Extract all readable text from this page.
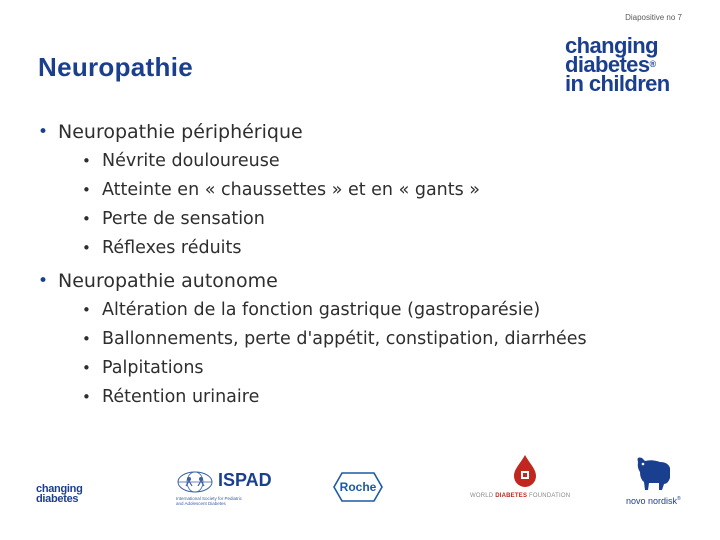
Diapositive no 7
Neuropathie
changing
diabetes®
in children
• Neuropathie périphérique
• Névrite douloureuse
• Atteinte en « chaussettes » et en « gants »
• Perte de sensation
• Réflexes réduits
• Neuropathie autonome
• Altération de la fonction gastrique (gastroparésie)
• Ballonnements, perte d'appétit, constipation, diarrhées
• Palpitations
• Rétention urinaire
changing
diabetes
ISPAD
International Society for Pediatric
and Adolescent Diabetes
Roche
WORLD DIABETES FOUNDATION	novo nordisk®
